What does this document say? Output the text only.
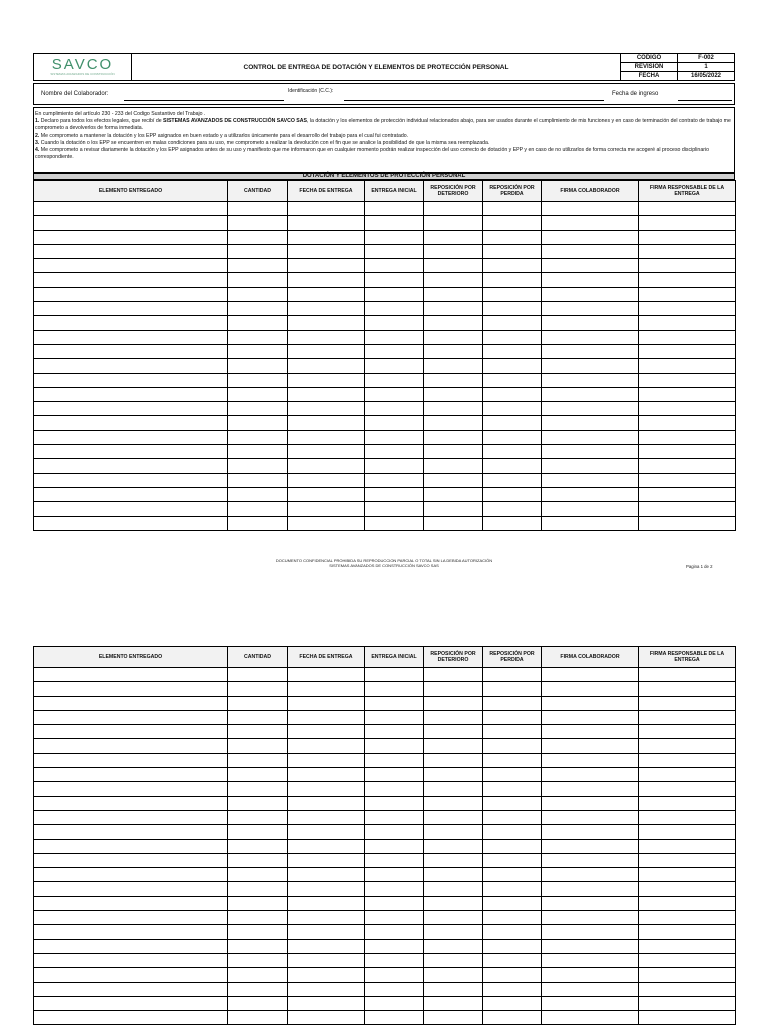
SAVCO
SISTEMAS AVANZADOS DE CONSTRUCCIÓN
CONTROL DE ENTREGA DE DOTACIÓN Y ELEMENTOS DE PROTECCIÓN PERSONAL
CODIGO	F-002
REVISION	1
FECHA	16/05/2022
Nombre del Colaborador:	Identificación (C.C.):	Fecha de ingreso

En cumplimiento del artículo 230 - 233 del Codigo Sustantivo del Trabajo .

1. Declaro para todos los efectos legales, que recibí de SISTEMAS AVANZADOS DE CONSTRUCCIÓN SAVCO SAS, la dotación y los elementos de protección individual relacionados abajo, para ser usados durante el cumplimiento de mis funciones y en caso de terminación del contrato de trabajo me comprometo a devolverlos de forma inmediata.

2. Me comprometo a mantener la dotación y los EPP asignados en buen estado y a utilizarlos únicamente para el desarrollo del trabajo para el cual fui contratado.

3. Cuando la dotación o los EPP se encuentren en malas condiciones para su uso, me comprometo a realizar la devolución con el fin que se analice la posibilidad de que la misma sea reemplazada.

4. Me comprometo a revisar diariamente la dotación y los EPP asignados antes de su uso y manifiesto que me informaron que en cualquier momento podrán realizar inspección del uso correcto de dotación y EPP y en caso de no utilizarlos de forma correcta me acogeré al proceso disciplinario correspondiente.

DOTACIÓN Y ELEMENTOS DE PROTECCIÓN PERSONAL
ELEMENTO ENTREGADO	CANTIDAD	FECHA DE ENTREGA	ENTREGA INICIAL	REPOSICIÓN POR DETERIORO	REPOSICIÓN POR PERDIDA	FIRMA COLABORADOR	FIRMA RESPONSABLE DE LA ENTREGA

DOCUMENTO CONFIDENCIAL PROHIBIDA SU REPRODUCCION PARCIAL O TOTAL SIN LA DEBIDA AUTORIZACIÓN
SISTEMAS AVANZADOS DE CONSTRUCCIÓN SAVCO SAS	Pagina 1 de 2
ELEMENTO ENTREGADO	CANTIDAD	FECHA DE ENTREGA	ENTREGA INICIAL	REPOSICIÓN POR DETERIORO	REPOSICIÓN POR PERDIDA	FIRMA COLABORADOR	FIRMA RESPONSABLE DE LA ENTREGA
